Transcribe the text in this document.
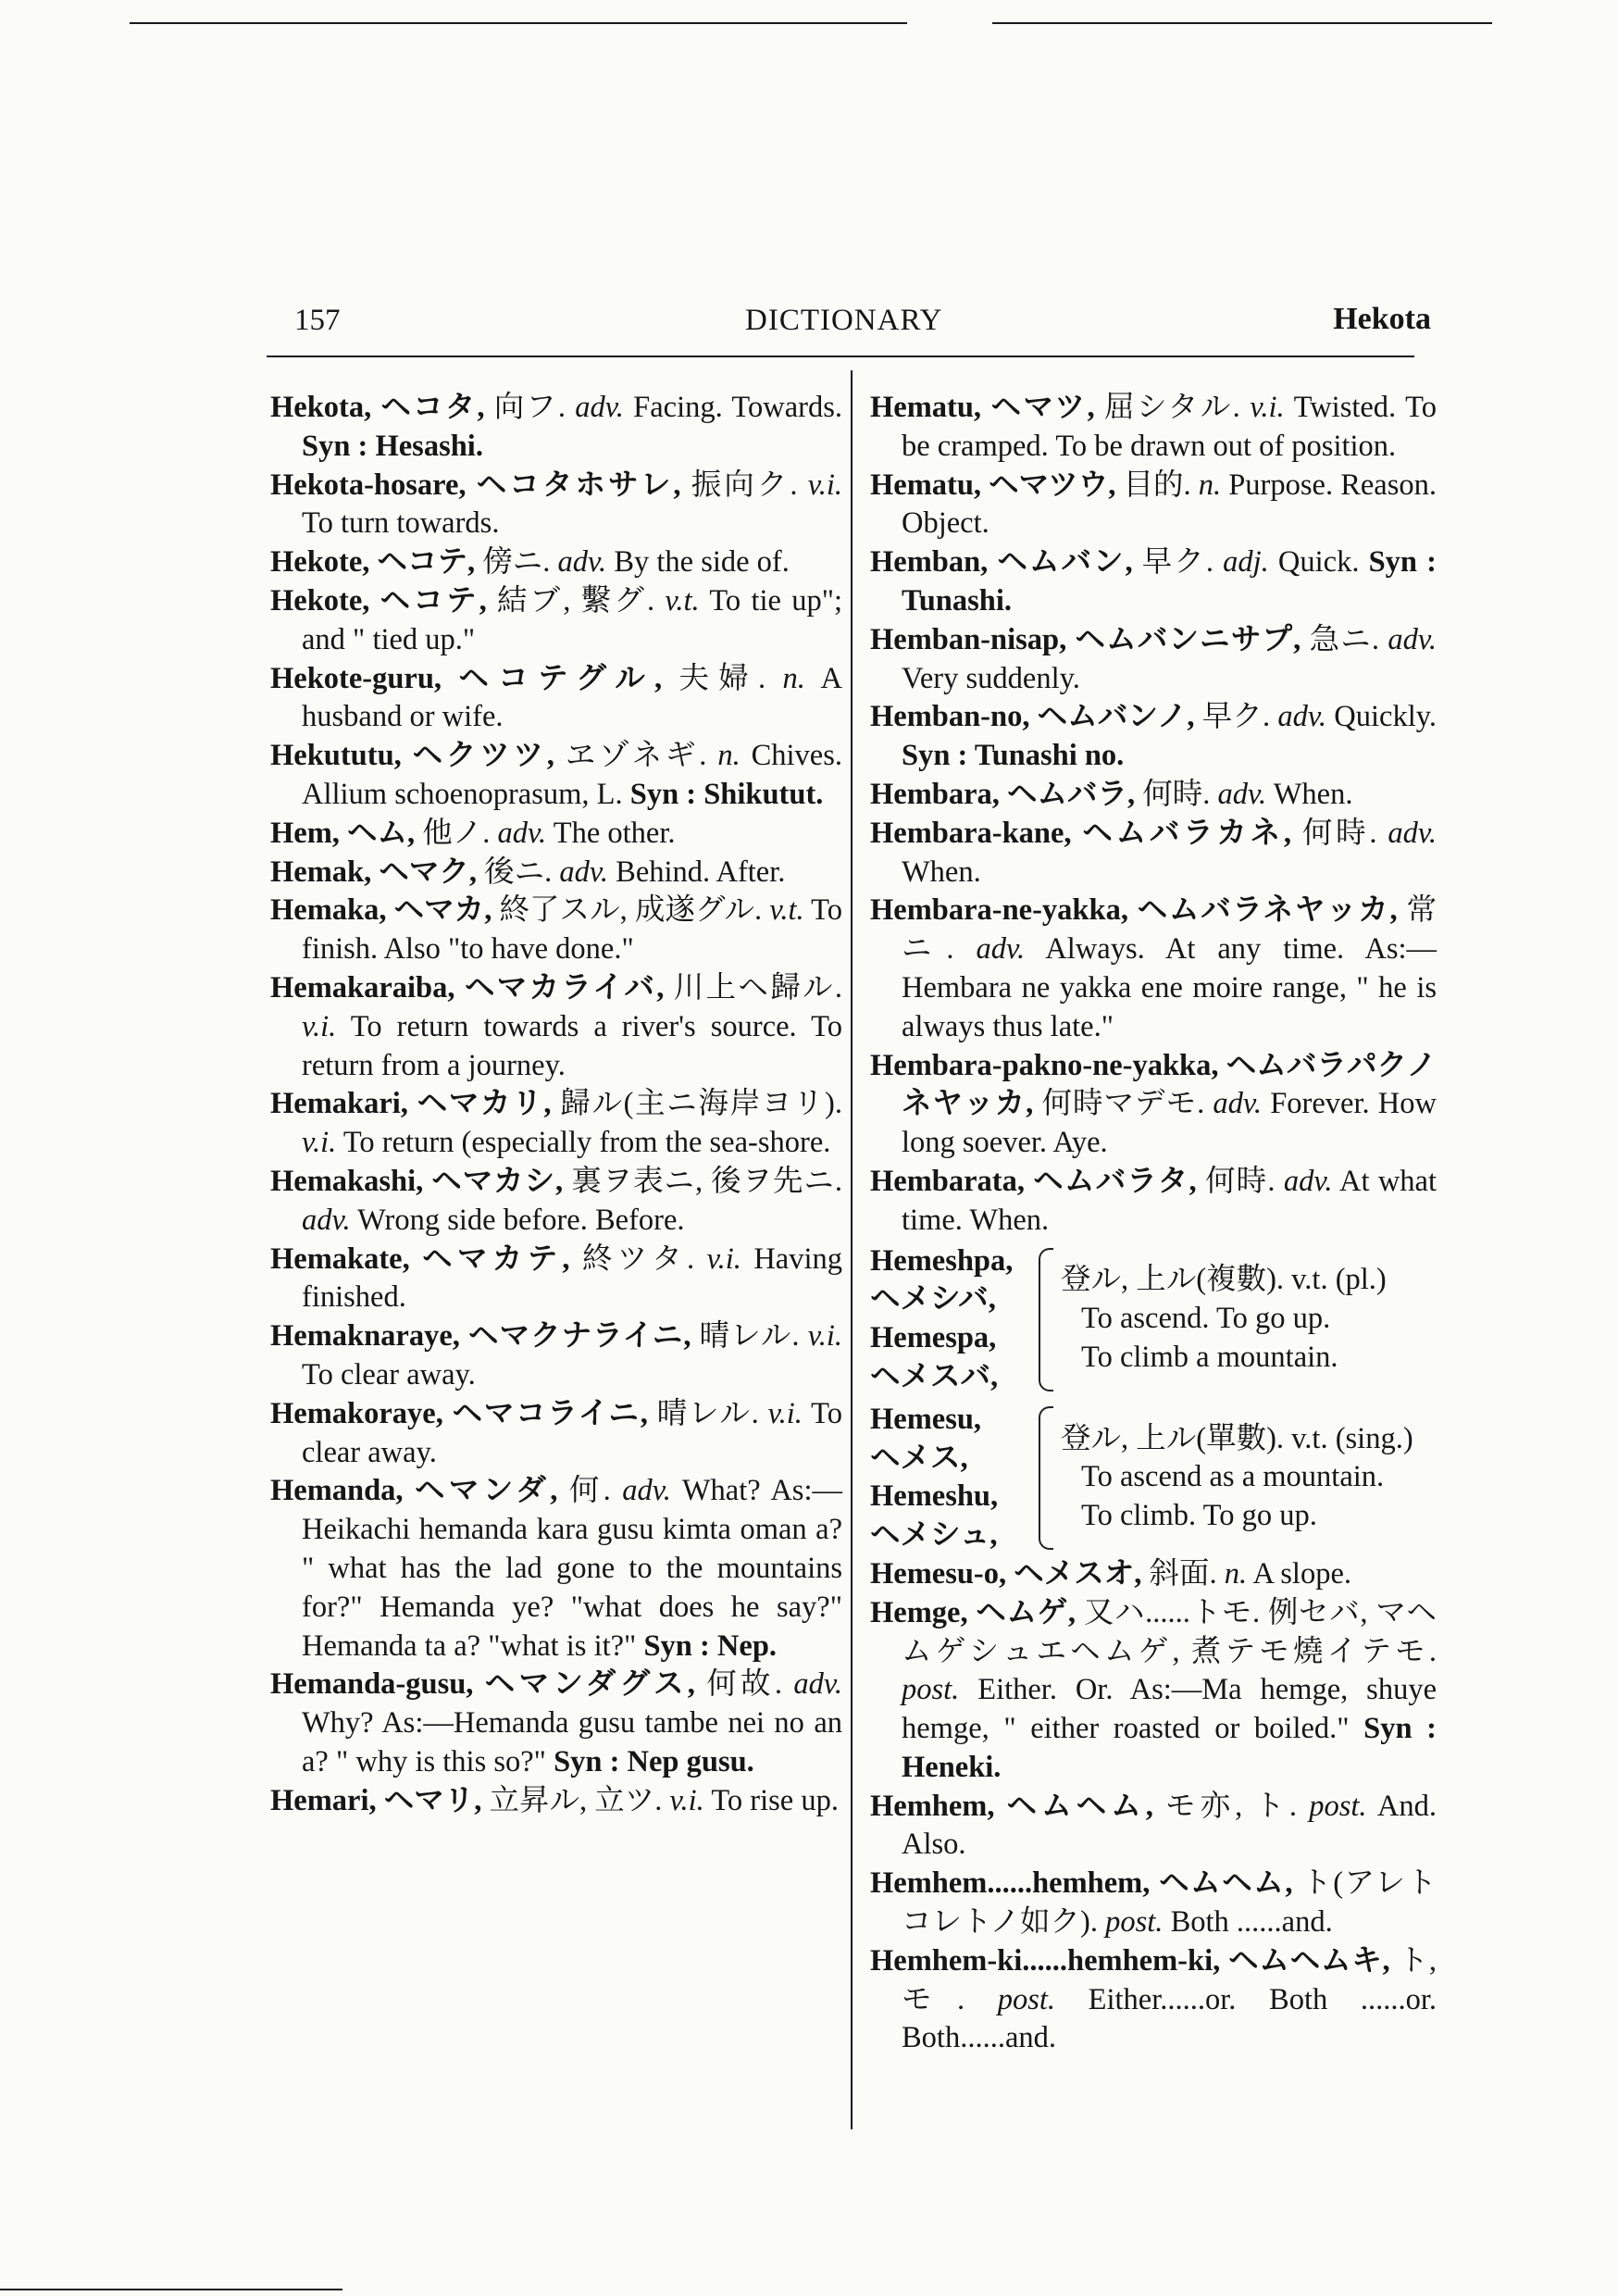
157	DICTIONARY	Hekota
Hekota, ヘコタ, 向フ. adv. Facing. Towards. Syn : Hesashi.
Hekota-hosare, ヘコタホサレ, 振向ク. v.i. To turn towards.
Hekote, ヘコテ, 傍ニ. adv. By the side of.
Hekote, ヘコテ, 結ブ, 繫グ. v.t. To tie up"; and " tied up."
Hekote-guru, ヘコテグル, 夫婦. n. A husband or wife.
Hekututu, ヘクツツ, ヱゾネギ. n. Chives. Allium schoenoprasum, L. Syn : Shikutut.
Hem, ヘム, 他ノ. adv. The other.
Hemak, ヘマク, 後ニ. adv. Behind. After.
Hemaka, ヘマカ, 終了スル, 成遂グル. v.t. To finish. Also "to have done."
Hemakaraiba, ヘマカライバ, 川上ヘ歸ル. v.i. To return towards a river's source. To return from a journey.
Hemakari, ヘマカリ, 歸ル(主ニ海岸ヨリ). v.i. To return (especially from the sea-shore.
Hemakashi, ヘマカシ, 裏ヲ表ニ, 後ヲ先ニ. adv. Wrong side before. Before.
Hemakate, ヘマカテ, 終ツタ. v.i. Having finished.
Hemaknaraye, ヘマクナライニ, 晴レル. v.i. To clear away.
Hemakoraye, ヘマコライニ, 晴レル. v.i. To clear away.
Hemanda, ヘマンダ, 何. adv. What? As:—Heikachi hemanda kara gusu kimta oman a? " what has the lad gone to the mountains for?" Hemanda ye? "what does he say?" Hemanda ta a? "what is it?" Syn : Nep.
Hemanda-gusu, ヘマンダグス, 何故. adv. Why? As:—Hemanda gusu tambe nei no an a? " why is this so?" Syn : Nep gusu.
Hemari, ヘマリ, 立昇ル, 立ツ. v.i. To rise up.
Hematu, ヘマツ, 屈シタル. v.i. Twisted. To be cramped. To be drawn out of position.
Hematu, ヘマツウ, 目的. n. Purpose. Reason. Object.
Hemban, ヘムバン, 早ク. adj. Quick. Syn : Tunashi.
Hemban-nisap, ヘムバンニサプ, 急ニ. adv. Very suddenly.
Hemban-no, ヘムバンノ, 早ク. adv. Quickly. Syn : Tunashi no.
Hembara, ヘムバラ, 何時. adv. When.
Hembara-kane, ヘムバラカネ, 何時. adv. When.
Hembara-ne-yakka, ヘムバラネヤッカ, 常ニ. adv. Always. At any time. As:—Hembara ne yakka ene moire range, " he is always thus late."
Hembara-pakno-ne-yakka, ヘムバラパクノネヤッカ, 何時マデモ. adv. Forever. How long soever. Aye.
Hembarata, ヘムバラタ, 何時. adv. At what time. When.
Hemeshpa,
ヘメシバ,
Hemespa,
ヘメスバ,
登ル, 上ル(複數). v.t. (pl.)
To ascend. To go up.
To climb a mountain.
Hemesu,
ヘメス,
Hemeshu,
ヘメシュ,
登ル, 上ル(單數). v.t. (sing.)
To ascend as a mountain.
To climb. To go up.
Hemesu-o, ヘメスオ, 斜面. n. A slope.
Hemge, ヘムゲ, 又ハ......トモ. 例セバ, マヘムゲシュエヘムゲ, 煮テモ燒イテモ. post. Either. Or. As:—Ma hemge, shuye hemge, " either roasted or boiled." Syn : Heneki.
Hemhem, ヘムヘム, モ亦, ト. post. And. Also.
Hemhem......hemhem, ヘムヘム, ト(アレトコレトノ如ク). post. Both ......and.
Hemhem-ki......hemhem-ki, ヘムヘムキ, ト, モ. post. Either......or. Both ......or. Both......and.
